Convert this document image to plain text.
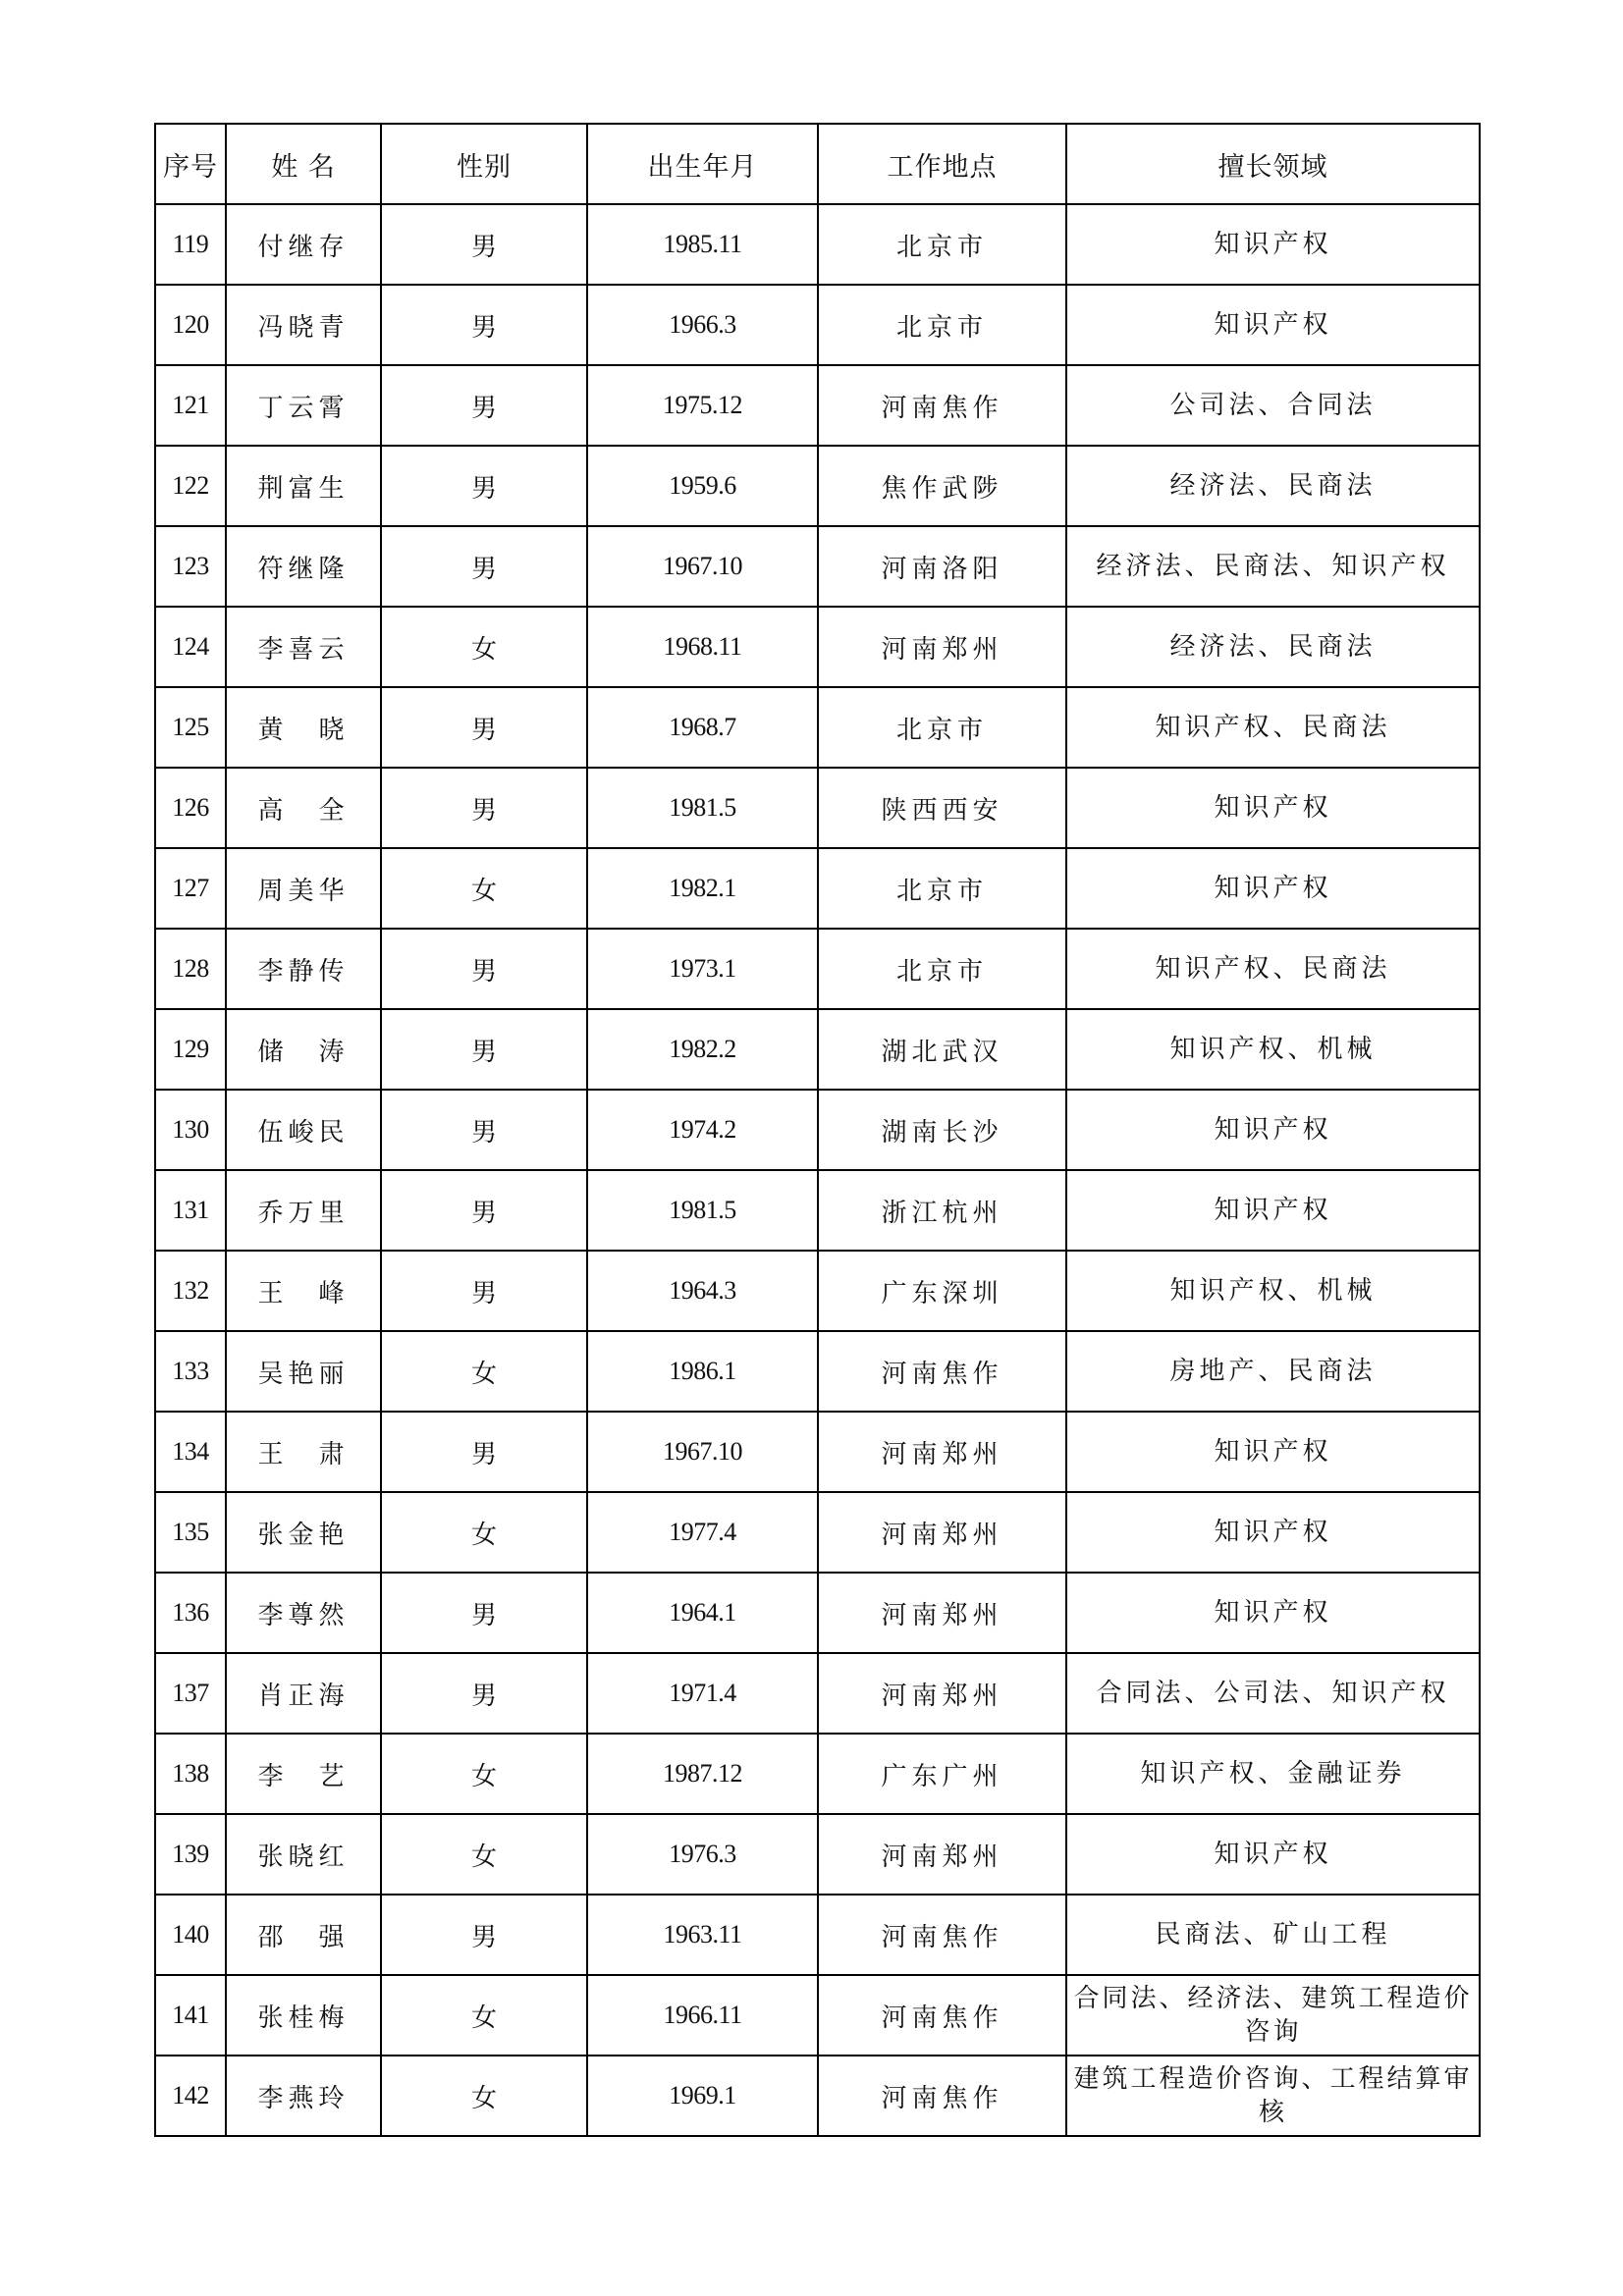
序号	姓 名	性别	出生年月	工作地点	擅长领域
119	付继存	男	1985.11	北京市	知识产权
120	冯晓青	男	1966.3	北京市	知识产权
121	丁云霄	男	1975.12	河南焦作	公司法、合同法
122	荆富生	男	1959.6	焦作武陟	经济法、民商法
123	符继隆	男	1967.10	河南洛阳	经济法、民商法、知识产权
124	李喜云	女	1968.11	河南郑州	经济法、民商法
125	黄　晓	男	1968.7	北京市	知识产权、民商法
126	高　全	男	1981.5	陕西西安	知识产权
127	周美华	女	1982.1	北京市	知识产权
128	李静传	男	1973.1	北京市	知识产权、民商法
129	储　涛	男	1982.2	湖北武汉	知识产权、机械
130	伍峻民	男	1974.2	湖南长沙	知识产权
131	乔万里	男	1981.5	浙江杭州	知识产权
132	王　峰	男	1964.3	广东深圳	知识产权、机械
133	吴艳丽	女	1986.1	河南焦作	房地产、民商法
134	王　肃	男	1967.10	河南郑州	知识产权
135	张金艳	女	1977.4	河南郑州	知识产权
136	李尊然	男	1964.1	河南郑州	知识产权
137	肖正海	男	1971.4	河南郑州	合同法、公司法、知识产权
138	李　艺	女	1987.12	广东广州	知识产权、金融证券
139	张晓红	女	1976.3	河南郑州	知识产权
140	邵　强	男	1963.11	河南焦作	民商法、矿山工程
141	张桂梅	女	1966.11	河南焦作	合同法、经济法、建筑工程造价咨询
142	李燕玲	女	1969.1	河南焦作	建筑工程造价咨询、工程结算审核
